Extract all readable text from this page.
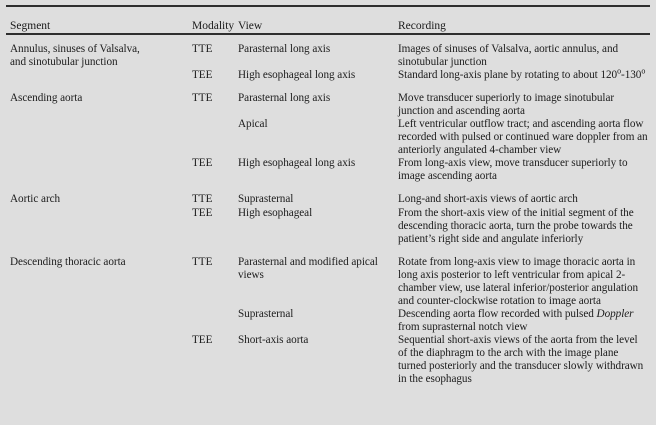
Segment	Modality	View	Recording

Annulus, sinuses of Valsalva,
and sinotubular junction	TTE	Parasternal long axis	Images of sinuses of Valsalva, aortic annulus, and sinotubular junction
	TEE	High esophageal long axis	Standard long-axis plane by rotating to about 120$^o$-130$^o$

Ascending aorta	TTE	Parasternal long axis	Move transducer superiorly to image sinotubular junction and ascending aorta
		Apical	Left ventricular outflow tract; and ascending aorta flow recorded with pulsed or continued ware doppler from an anteriorly angulated 4-chamber view
	TEE	High esophageal long axis	From long-axis view, move transducer superiorly to image ascending aorta

Aortic arch	TTE	Suprasternal	Long-and short-axis views of aortic arch
	TEE	High esophageal	From the short-axis view of the initial segment of the descending thoracic aorta, turn the probe towards the patient’s right side and angulate inferiorly

Descending thoracic aorta	TTE	Parasternal and modified apical views	Rotate from long-axis view to image thoracic aorta in long axis posterior to left ventricular from apical 2-chamber view, use lateral inferior/posterior angulation and counter-clockwise rotation to image aorta
		Suprasternal	Descending aorta flow recorded with pulsed Doppler from suprasternal notch view
	TEE	Short-axis aorta	Sequential short-axis views of the aorta from the level of the diaphragm to the arch with the image plane turned posteriorly and the transducer slowly withdrawn in the esophagus
